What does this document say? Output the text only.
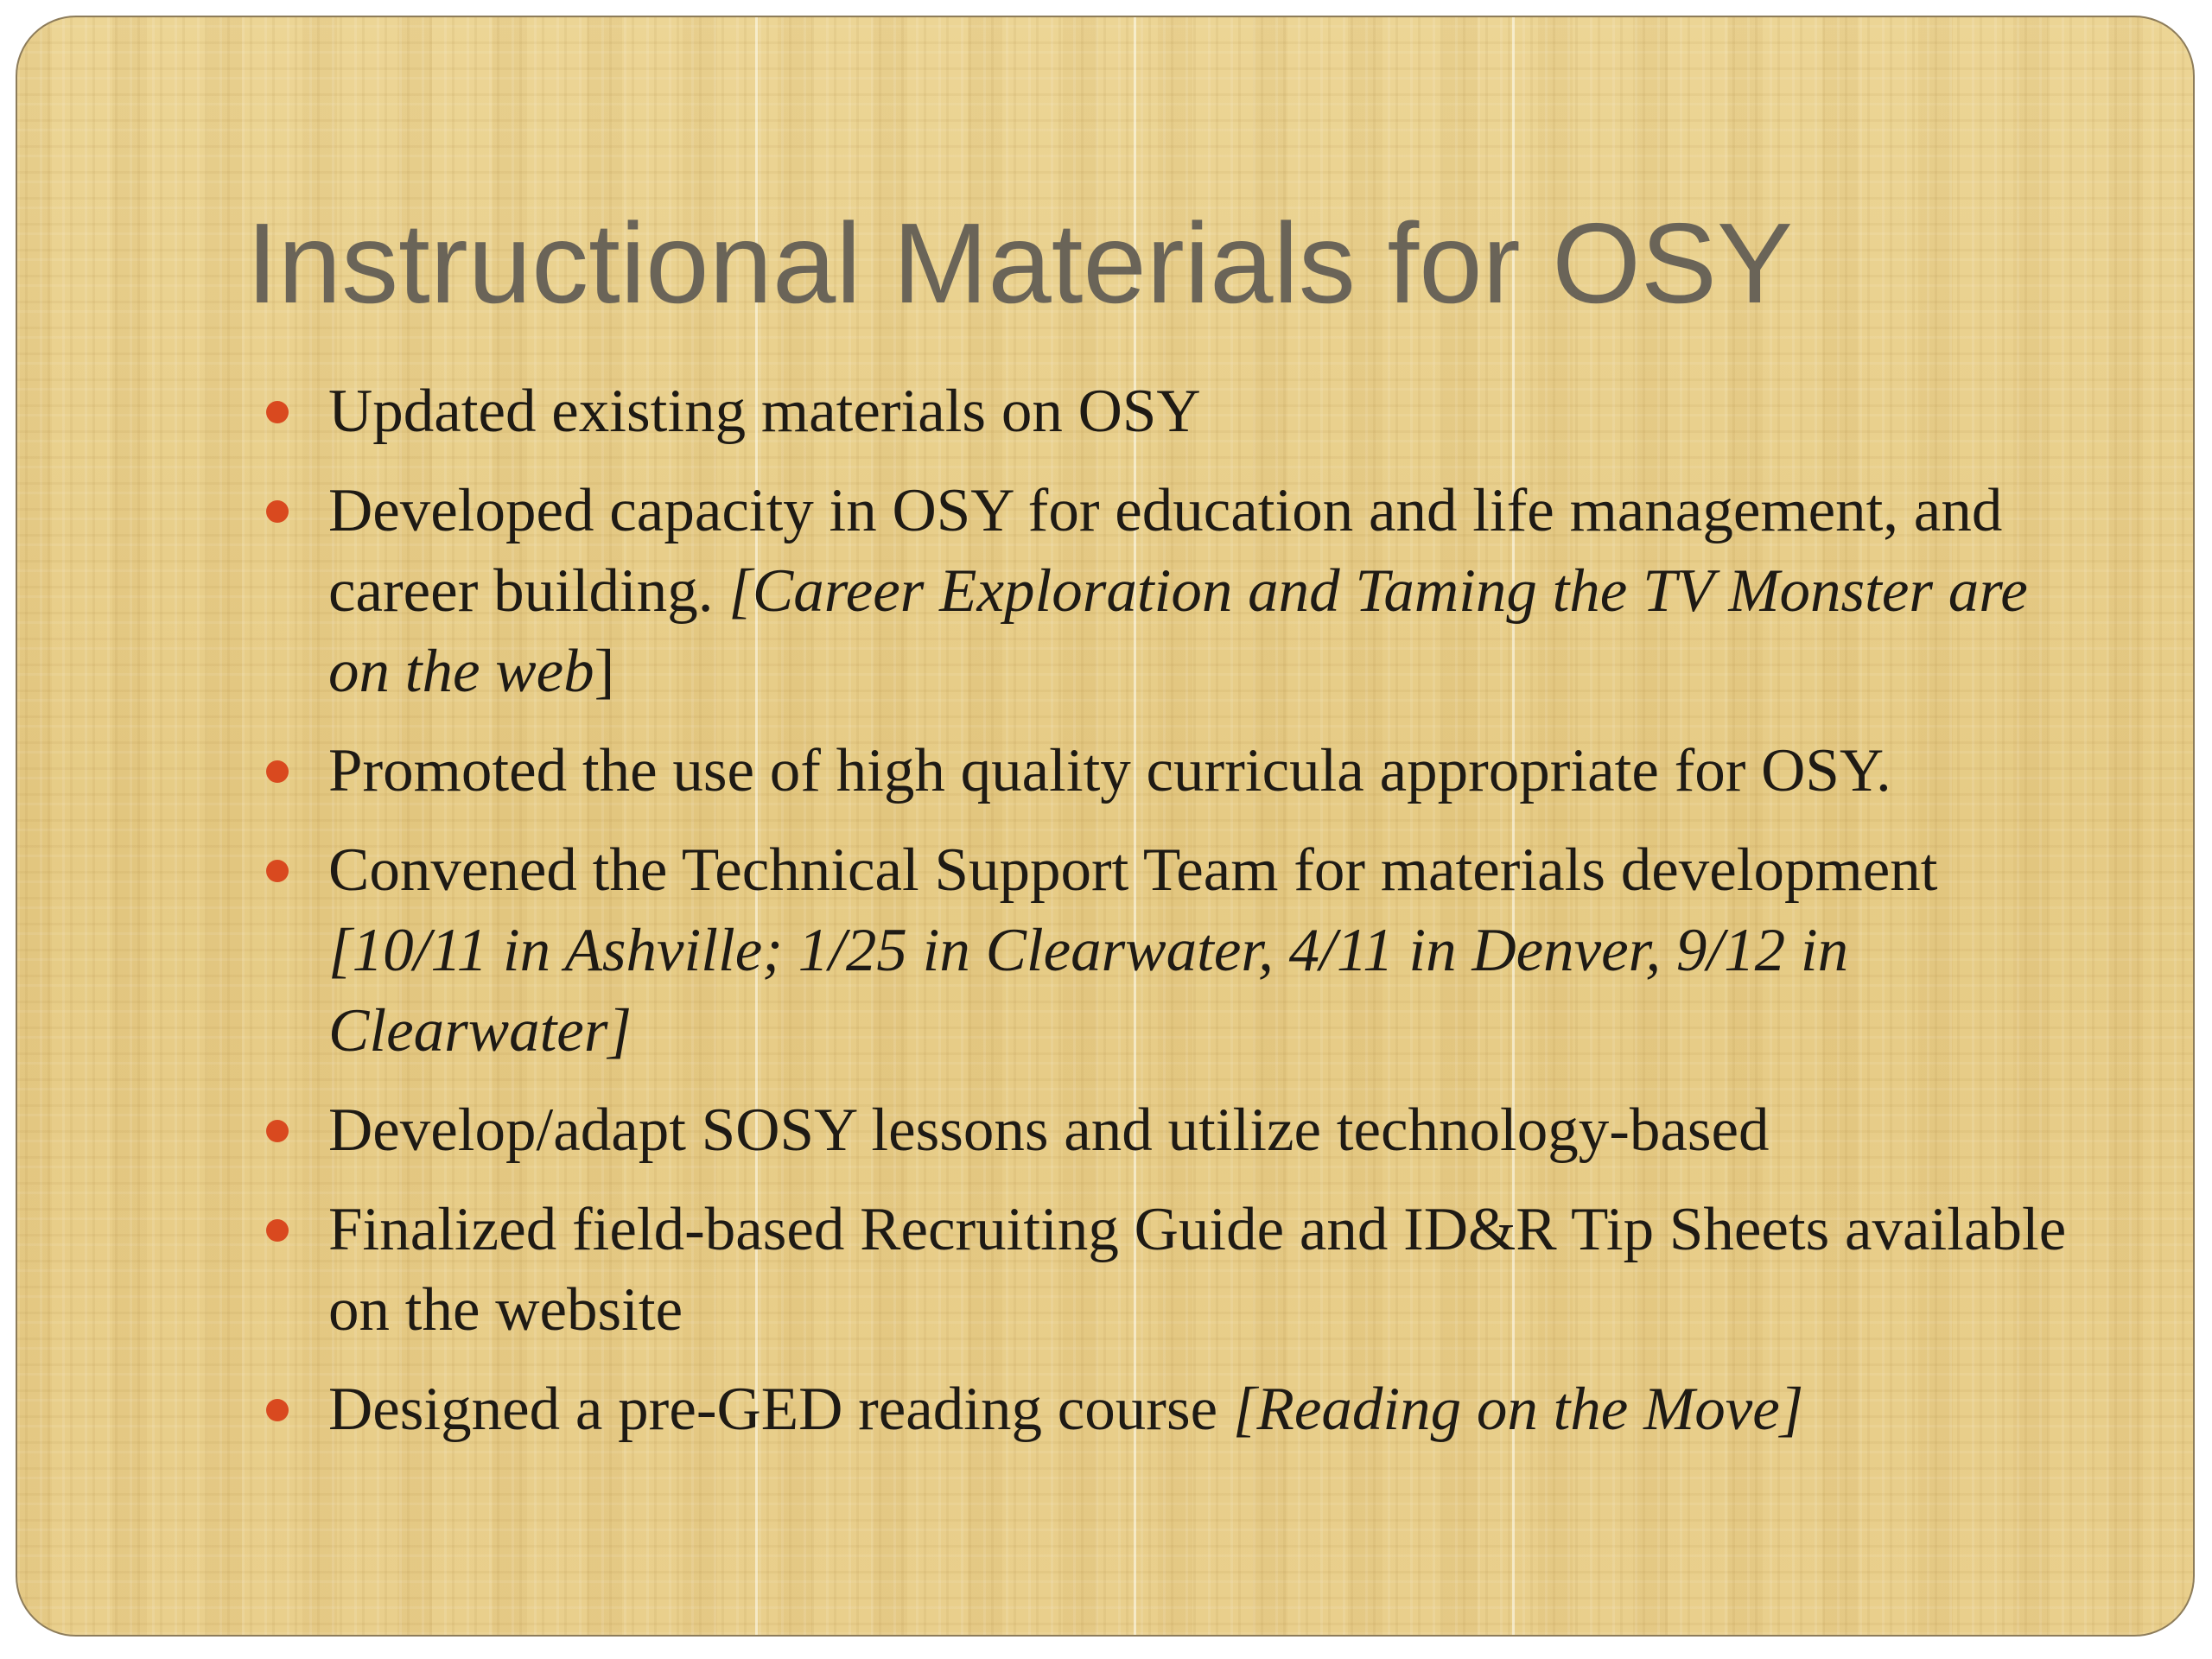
Instructional Materials for OSY
Updated existing materials on OSY
Developed capacity in OSY for education and life management, and career building. [Career Exploration and Taming the TV Monster are on the web]
Promoted the use of high quality curricula appropriate for OSY.
Convened the Technical Support Team for materials development [10/11 in Ashville; 1/25 in Clearwater, 4/11 in Denver, 9/12 in Clearwater]
Develop/adapt SOSY lessons and utilize technology-based
Finalized field-based Recruiting Guide and ID&R Tip Sheets available on the website
Designed a pre-GED reading course [Reading on the Move]
